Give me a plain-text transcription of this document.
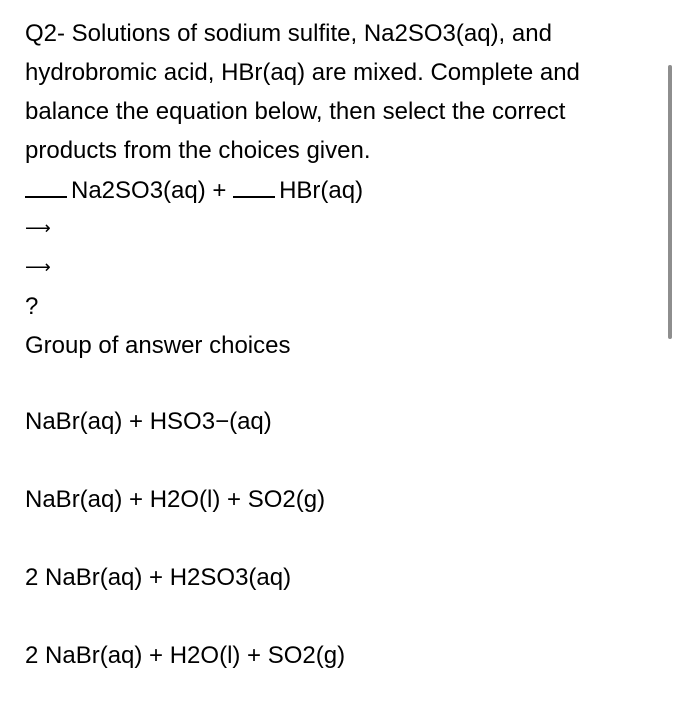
Q2- Solutions of sodium sulfite, Na2SO3(aq), and hydrobromic acid, HBr(aq) are mixed. Complete and balance the equation below, then select the correct products from the choices given.

Na2SO3(aq) + HBr(aq)
⟶
⟶
?
Group of answer choices
NaBr(aq) + HSO3−(aq)
NaBr(aq) + H2O(l) + SO2(g)
2 NaBr(aq) + H2SO3(aq)
2 NaBr(aq) + H2O(l) + SO2(g)
